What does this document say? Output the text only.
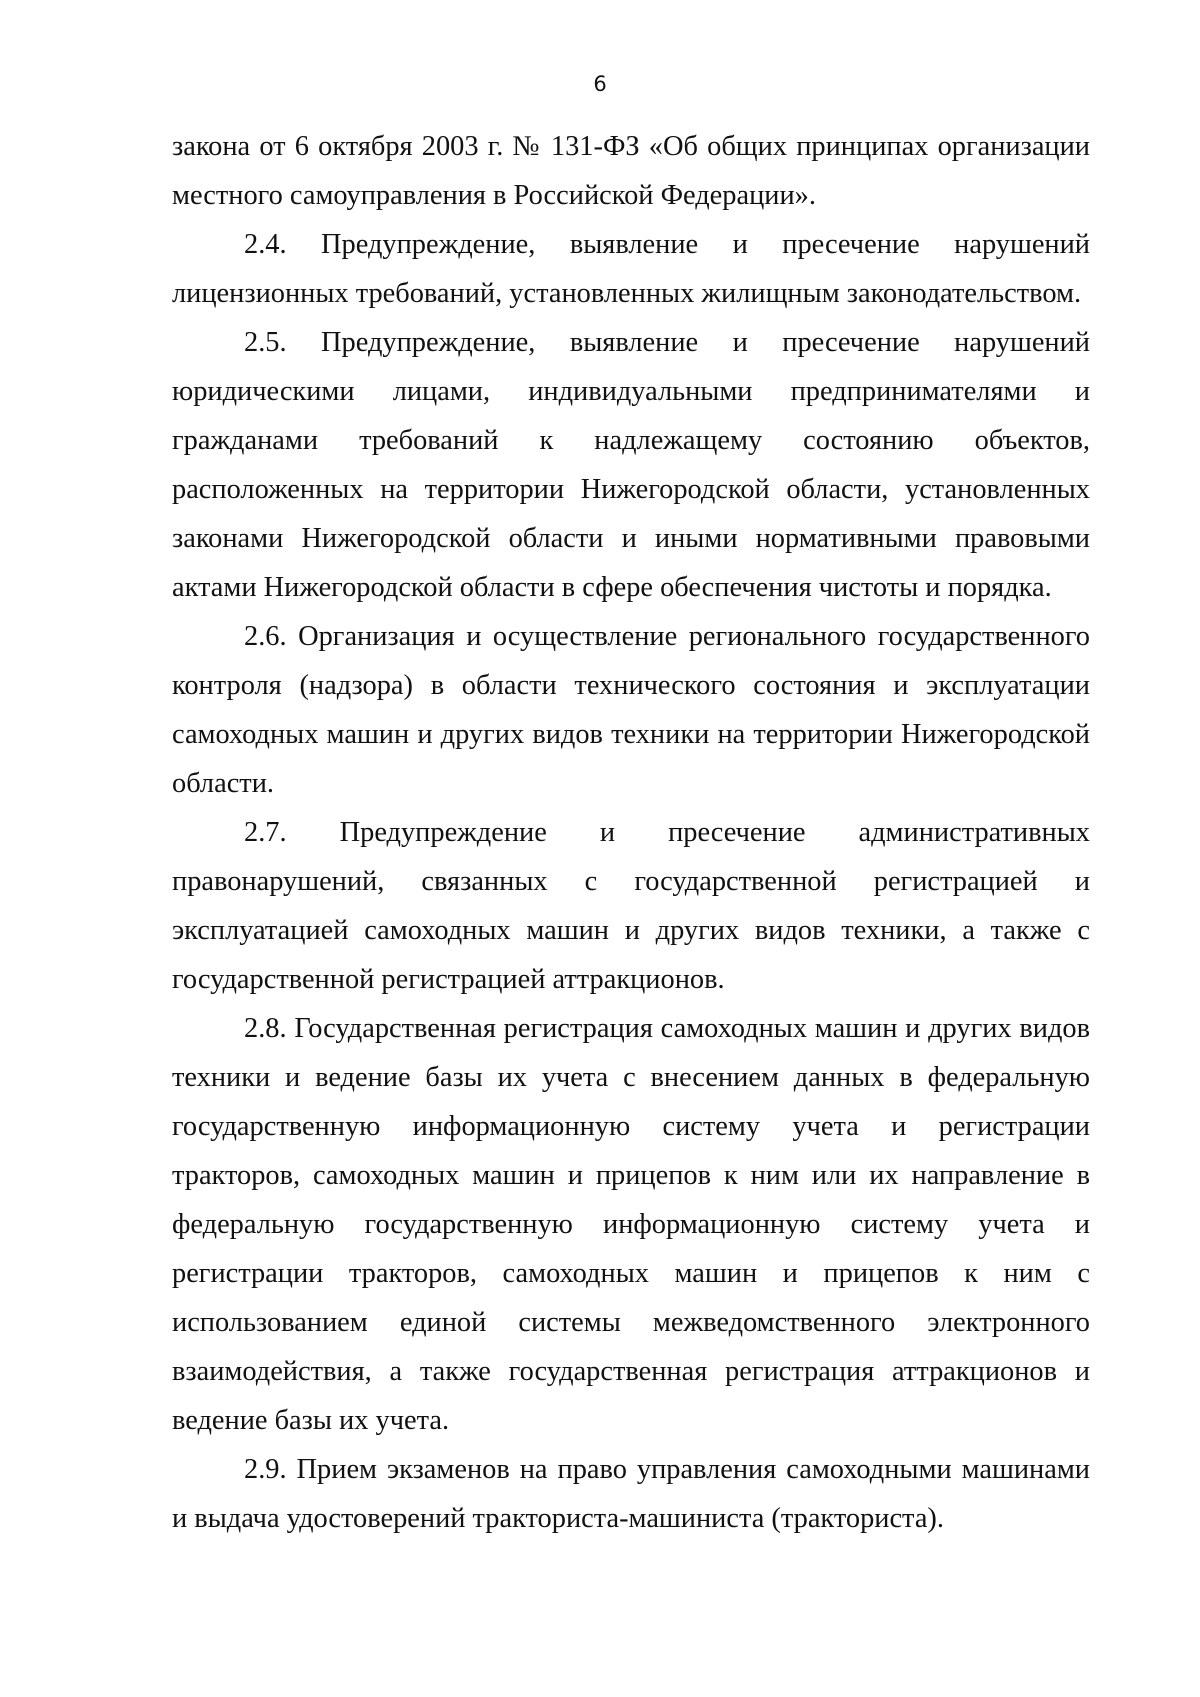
6

закона от 6 октября 2003 г. № 131-ФЗ «Об общих принципах организации местного самоуправления в Российской Федерации».

2.4. Предупреждение, выявление и пресечение нарушений лицензионных требований, установленных жилищным законодательством.

2.5. Предупреждение, выявление и пресечение нарушений юридическими лицами, индивидуальными предпринимателями и гражданами требований к надлежащему состоянию объектов, расположенных на территории Нижегородской области, установленных законами Нижегородской области и иными нормативными правовыми актами Нижегородской области в сфере обеспечения чистоты и порядка.

2.6. Организация и осуществление регионального государственного контроля (надзора) в области технического состояния и эксплуатации самоходных машин и других видов техники на территории Нижегородской области.

2.7. Предупреждение и пресечение административных правонарушений, связанных с государственной регистрацией и эксплуатацией самоходных машин и других видов техники, а также с государственной регистрацией аттракционов.

2.8. Государственная регистрация самоходных машин и других видов техники и ведение базы их учета с внесением данных в федеральную государственную информационную систему учета и регистрации тракторов, самоходных машин и прицепов к ним или их направление в федеральную государственную информационную систему учета и регистрации тракторов, самоходных машин и прицепов к ним с использованием единой системы межведомственного электронного взаимодействия, а также государственная регистрация аттракционов и ведение базы их учета.

2.9. Прием экзаменов на право управления самоходными машинами и выдача удостоверений тракториста-машиниста (тракториста).
